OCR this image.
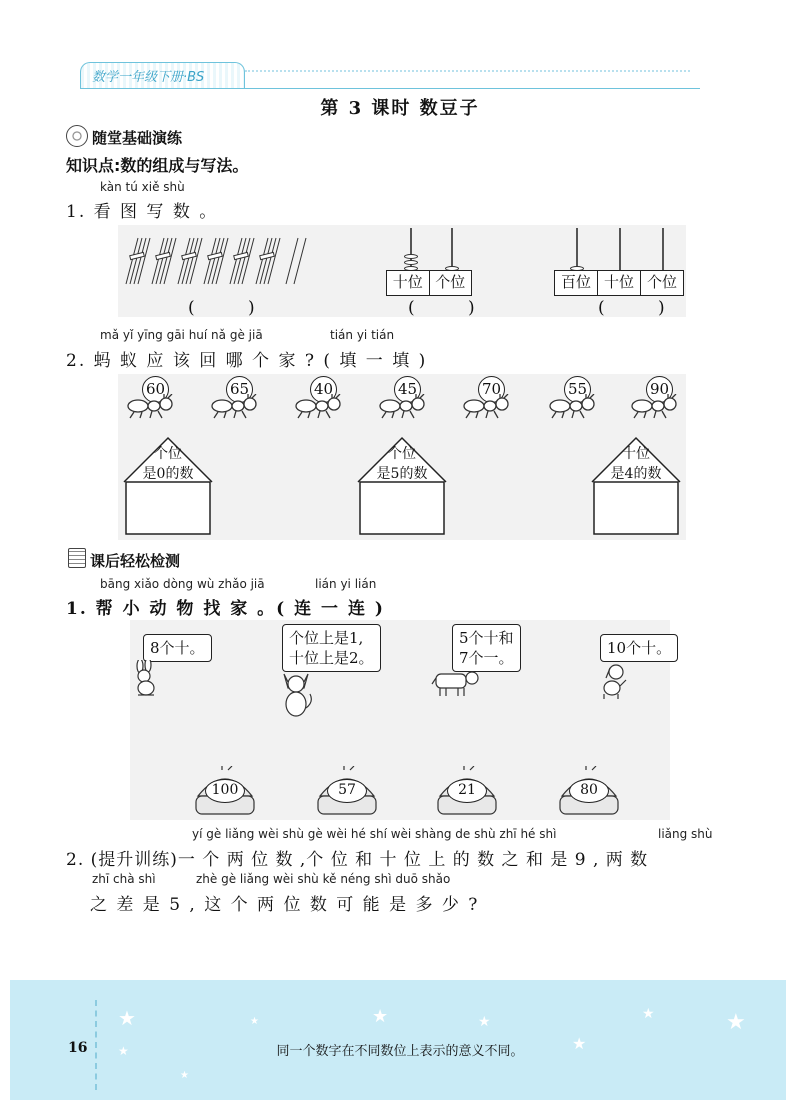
数学一年级下册·BS
第 3 课时 数豆子
随堂基础演练
知识点:数的组成与写法。
kàn tú xiě shù
1. 看 图 写 数 。
( )
十位 个位
( )
百位 十位 个位
( )
mǎ yǐ yīng gāi huí nǎ gè jiā	tián yi tián
2. 蚂 蚁 应 该 回 哪 个 家 ? ( 填 一 填 )
60	65	40	45	70	55	90
个位
是0的数
个位
是5的数
十位
是4的数
课后轻松检测
bāng xiǎo dòng wù zhǎo jiā	lián yi lián
1. 帮 小 动 物 找 家 。( 连 一 连 )
8个十。
个位上是1,
十位上是2。
5个十和
7个一。
10个十。
100	57	21	80
yí gè liǎng wèi shù gè wèi hé shí wèi shàng de shù zhī hé shì	liǎng shù
2. (提升训练)一 个 两 位 数 ,个 位 和 十 位 上 的 数 之 和 是 9 , 两 数
zhī chà shì	zhè gè liǎng wèi shù kě néng shì duō shǎo
之 差 是 5 , 这 个 两 位 数 可 能 是 多 少 ?
★
★
★	★
★
★	★
★
★
16	同一个数字在不同数位上表示的意义不同。
